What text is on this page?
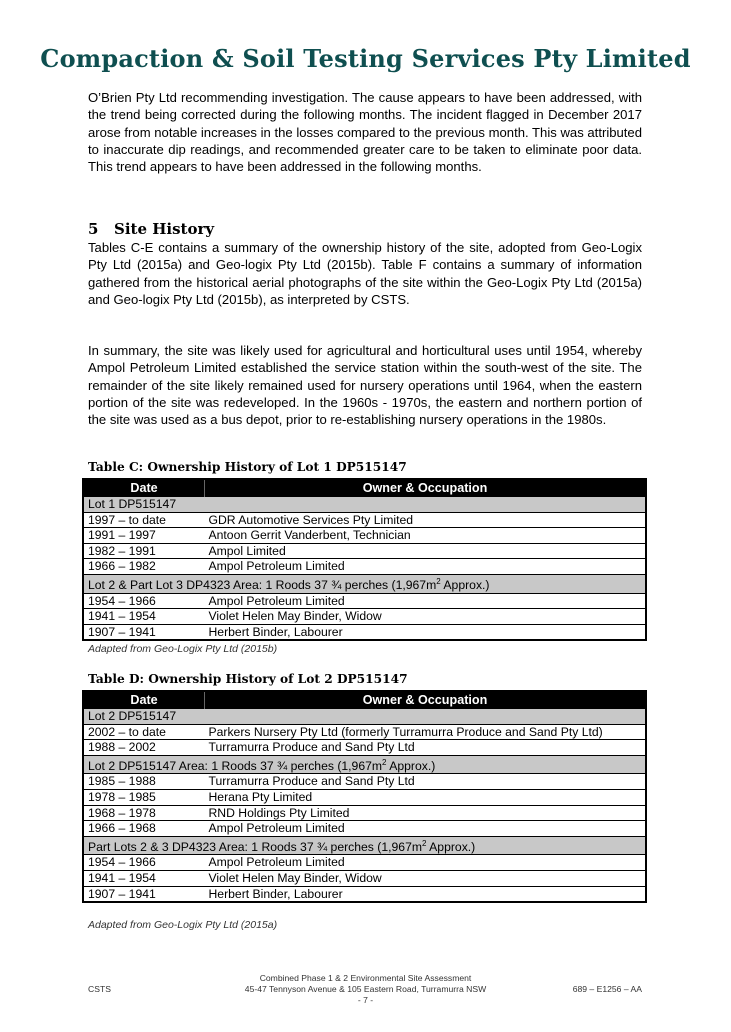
Compaction & Soil Testing Services Pty Limited

O’Brien Pty Ltd recommending investigation. The cause appears to have been addressed, with the trend being corrected during the following months. The incident flagged in December 2017 arose from notable increases in the losses compared to the previous month. This was attributed to inaccurate dip readings, and recommended greater care to be taken to eliminate poor data. This trend appears to have been addressed in the following months.

5 Site History

Tables C-E contains a summary of the ownership history of the site, adopted from Geo-Logix Pty Ltd (2015a) and Geo-logix Pty Ltd (2015b). Table F contains a summary of information gathered from the historical aerial photographs of the site within the Geo-Logix Pty Ltd (2015a) and Geo-logix Pty Ltd (2015b), as interpreted by CSTS.

In summary, the site was likely used for agricultural and horticultural uses until 1954, whereby Ampol Petroleum Limited established the service station within the south-west of the site. The remainder of the site likely remained used for nursery operations until 1964, when the eastern portion of the site was redeveloped. In the 1960s - 1970s, the eastern and northern portion of the site was used as a bus depot, prior to re-establishing nursery operations in the 1980s.

Table C: Ownership History of Lot 1 DP515147
Date	Owner & Occupation
Lot 1 DP515147	
1997 – to date	GDR Automotive Services Pty Limited
1991 – 1997	Antoon Gerrit Vanderbent, Technician
1982 – 1991	Ampol Limited
1966 – 1982	Ampol Petroleum Limited
Lot 2 & Part Lot 3 DP4323 Area: 1 Roods 37 ¾ perches ($1,967m^2$ Approx.)	
1954 – 1966	Ampol Petroleum Limited
1941 – 1954	Violet Helen May Binder, Widow
1907 – 1941	Herbert Binder, Labourer
Adapted from Geo-Logix Pty Ltd (2015b)
Table D: Ownership History of Lot 2 DP515147
Date	Owner & Occupation
Lot 2 DP515147	
2002 – to date	Parkers Nursery Pty Ltd (formerly Turramurra Produce and Sand Pty Ltd)
1988 – 2002	Turramurra Produce and Sand Pty Ltd
Lot 2 DP515147 Area: 1 Roods 37 ¾ perches ($1,967m^2$ Approx.)	
1985 – 1988	Turramurra Produce and Sand Pty Ltd
1978 – 1985	Herana Pty Limited
1968 – 1978	RND Holdings Pty Limited
1966 – 1968	Ampol Petroleum Limited
Part Lots 2 & 3 DP4323 Area: 1 Roods 37 ¾ perches ($1,967m^2$ Approx.)	
1954 – 1966	Ampol Petroleum Limited
1941 – 1954	Violet Helen May Binder, Widow
1907 – 1941	Herbert Binder, Labourer
Adapted from Geo-Logix Pty Ltd (2015a)
CSTS
Combined Phase 1 & 2 Environmental Site Assessment
45-47 Tennyson Avenue & 105 Eastern Road, Turramurra NSW
- 7 -
689 – E1256 – AA
